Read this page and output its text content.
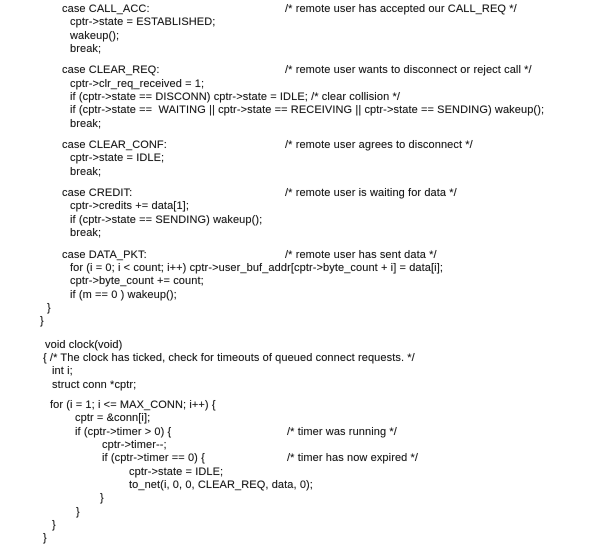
case CALL_ACC:	/* remote user has accepted our CALL_REQ */
cptr->state = ESTABLISHED;
wakeup();
break;
case CLEAR_REQ:	/* remote user wants to disconnect or reject call */
cptr->clr_req_received = 1;
if (cptr->state == DISCONN) cptr->state = IDLE; /* clear collision */
if (cptr->state ==  WAITING || cptr->state == RECEIVING || cptr->state == SENDING) wakeup();
break;
case CLEAR_CONF:	/* remote user agrees to disconnect */
cptr->state = IDLE;
break;
case CREDIT:	/* remote user is waiting for data */
cptr->credits += data[1];
if (cptr->state == SENDING) wakeup();
break;
case DATA_PKT:	/* remote user has sent data */
for (i = 0; i < count; i++) cptr->user_buf_addr[cptr->byte_count + i] = data[i];
cptr->byte_count += count;
if (m == 0 ) wakeup();
}
}
void clock(void)
{ /* The clock has ticked, check for timeouts of queued connect requests. */
int i;
struct conn *cptr;
for (i = 1; i <= MAX_CONN; i++) {
cptr = &conn[i];
if (cptr->timer > 0) {	/* timer was running */
cptr->timer--;
if (cptr->timer == 0) {	/* timer has now expired */
cptr->state = IDLE;
to_net(i, 0, 0, CLEAR_REQ, data, 0);
}
}
}
}
